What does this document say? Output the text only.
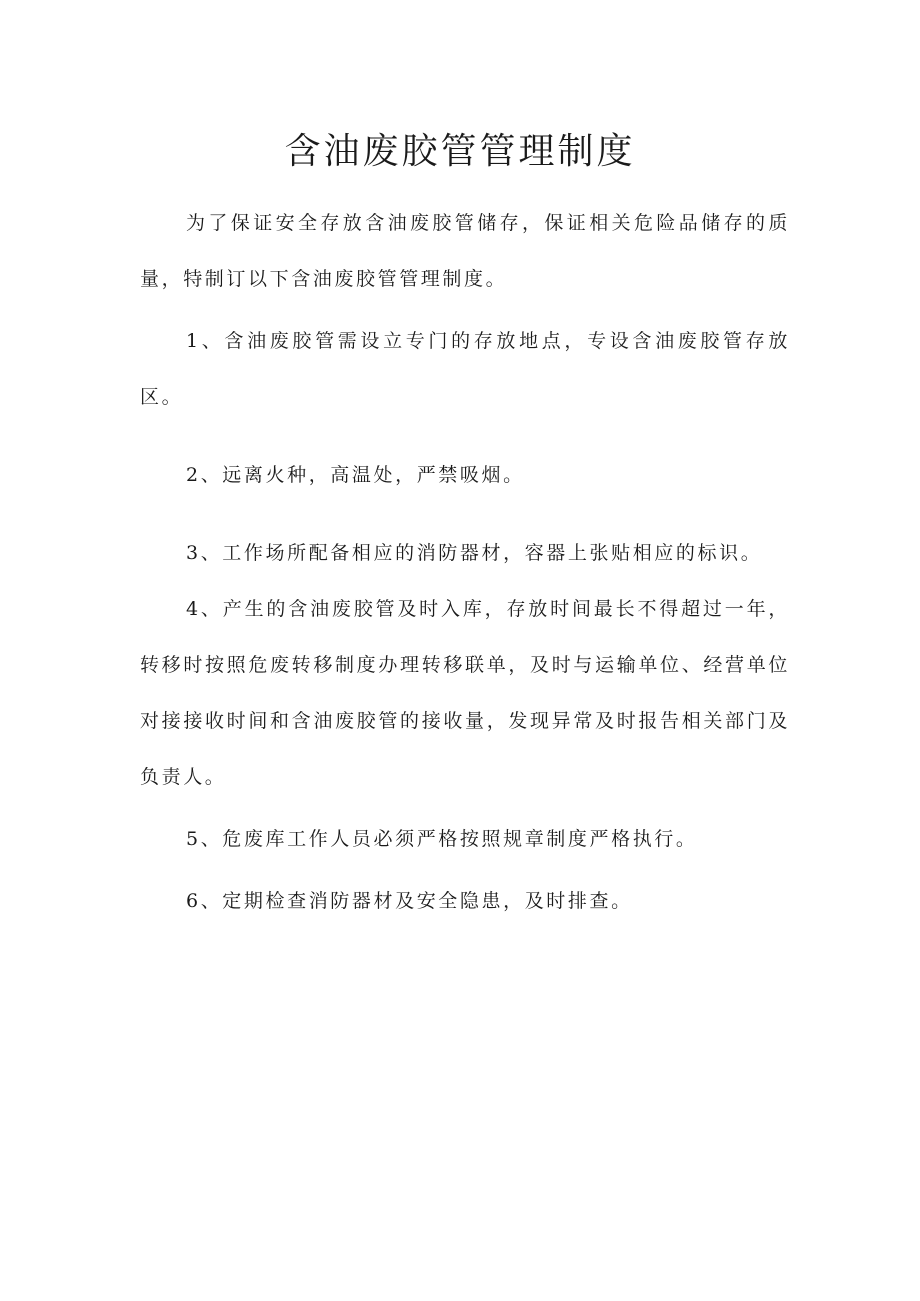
含油废胶管管理制度

为了保证安全存放含油废胶管储存，保证相关危险品储存的质量，特制订以下含油废胶管管理制度。

1、含油废胶管需设立专门的存放地点，专设含油废胶管存放区。

2、远离火种，高温处，严禁吸烟。

3、工作场所配备相应的消防器材，容器上张贴相应的标识。

4、产生的含油废胶管及时入库，存放时间最长不得超过一年，转移时按照危废转移制度办理转移联单，及时与运输单位、经营单位对接接收时间和含油废胶管的接收量，发现异常及时报告相关部门及负责人。

5、危废库工作人员必须严格按照规章制度严格执行。

6、定期检查消防器材及安全隐患，及时排查。
